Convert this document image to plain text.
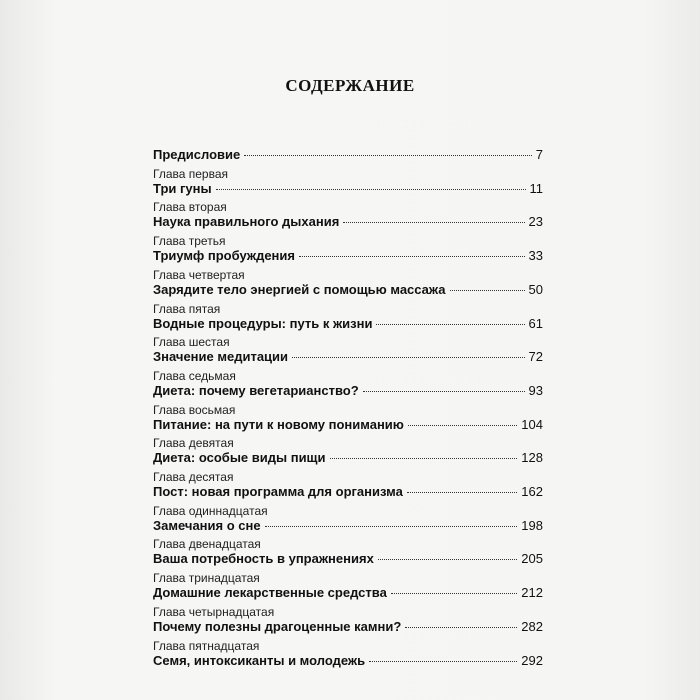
СОДЕРЖАНИЕ
Предисловие	7
Глава первая
Три гуны	11
Глава вторая
Наука правильного дыхания	23
Глава третья
Триумф пробуждения	33
Глава четвертая
Зарядите тело энергией с помощью массажа	50
Глава пятая
Водные процедуры: путь к жизни	61
Глава шестая
Значение медитации	72
Глава седьмая
Диета: почему вегетарианство?	93
Глава восьмая
Питание: на пути к новому пониманию	104
Глава девятая
Диета: особые виды пищи	128
Глава десятая
Пост: новая программа для организма	162
Глава одиннадцатая
Замечания о сне	198
Глава двенадцатая
Ваша потребность в упражнениях	205
Глава тринадцатая
Домашние лекарственные средства	212
Глава четырнадцатая
Почему полезны драгоценные камни?	282
Глава пятнадцатая
Семя, интоксиканты и молодежь	292
